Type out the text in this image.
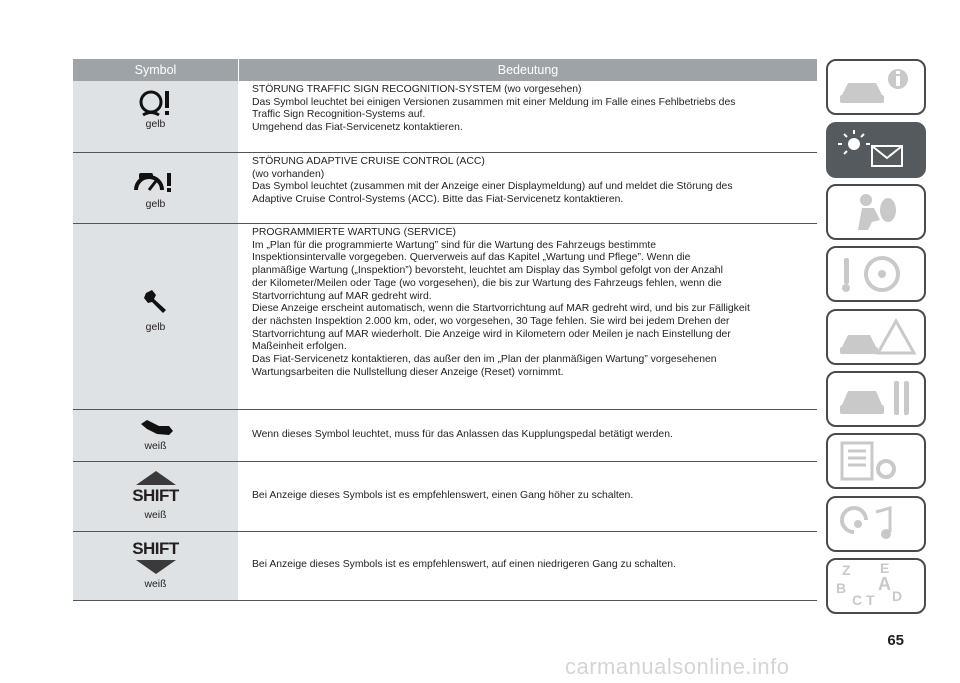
Symbol	Bedeutung
gelb
STÖRUNG TRAFFIC SIGN RECOGNITION-SYSTEM (wo vorgesehen)
Das Symbol leuchtet bei einigen Versionen zusammen mit einer Meldung im Falle eines Fehlbetriebs des
Traffic Sign Recognition-Systems auf.
Umgehend das Fiat-Servicenetz kontaktieren.
gelb
STÖRUNG ADAPTIVE CRUISE CONTROL (ACC)
(wo vorhanden)
Das Symbol leuchtet (zusammen mit der Anzeige einer Displaymeldung) auf und meldet die Störung des
Adaptive Cruise Control-Systems (ACC). Bitte das Fiat-Servicenetz kontaktieren.
gelb
PROGRAMMIERTE WARTUNG (SERVICE)
Im „Plan für die programmierte Wartung” sind für die Wartung des Fahrzeugs bestimmte
Inspektionsintervalle vorgegeben. Querverweis auf das Kapitel „Wartung und Pflege”. Wenn die
planmäßige Wartung („Inspektion”) bevorsteht, leuchtet am Display das Symbol gefolgt von der Anzahl
der Kilometer/Meilen oder Tage (wo vorgesehen), die bis zur Wartung des Fahrzeugs fehlen, wenn die
Startvorrichtung auf MAR gedreht wird.
Diese Anzeige erscheint automatisch, wenn die Startvorrichtung auf MAR gedreht wird, und bis zur Fälligkeit
der nächsten Inspektion 2.000 km, oder, wo vorgesehen, 30 Tage fehlen. Sie wird bei jedem Drehen der
Startvorrichtung auf MAR wiederholt. Die Anzeige wird in Kilometern oder Meilen je nach Einstellung der
Maßeinheit erfolgen.
Das Fiat-Servicenetz kontaktieren, das außer den im „Plan der planmäßigen Wartung” vorgesehenen
Wartungsarbeiten die Nullstellung dieser Anzeige (Reset) vornimmt.
weiß
Wenn dieses Symbol leuchtet, muss für das Anlassen das Kupplungspedal betätigt werden.
SHIFT
weiß
Bei Anzeige dieses Symbols ist es empfehlenswert, einen Gang höher zu schalten.
SHIFT
weiß
Bei Anzeige dieses Symbols ist es empfehlenswert, auf einen niedrigeren Gang zu schalten.	Z E
B A
C T D
65
carmanualsonline.info
